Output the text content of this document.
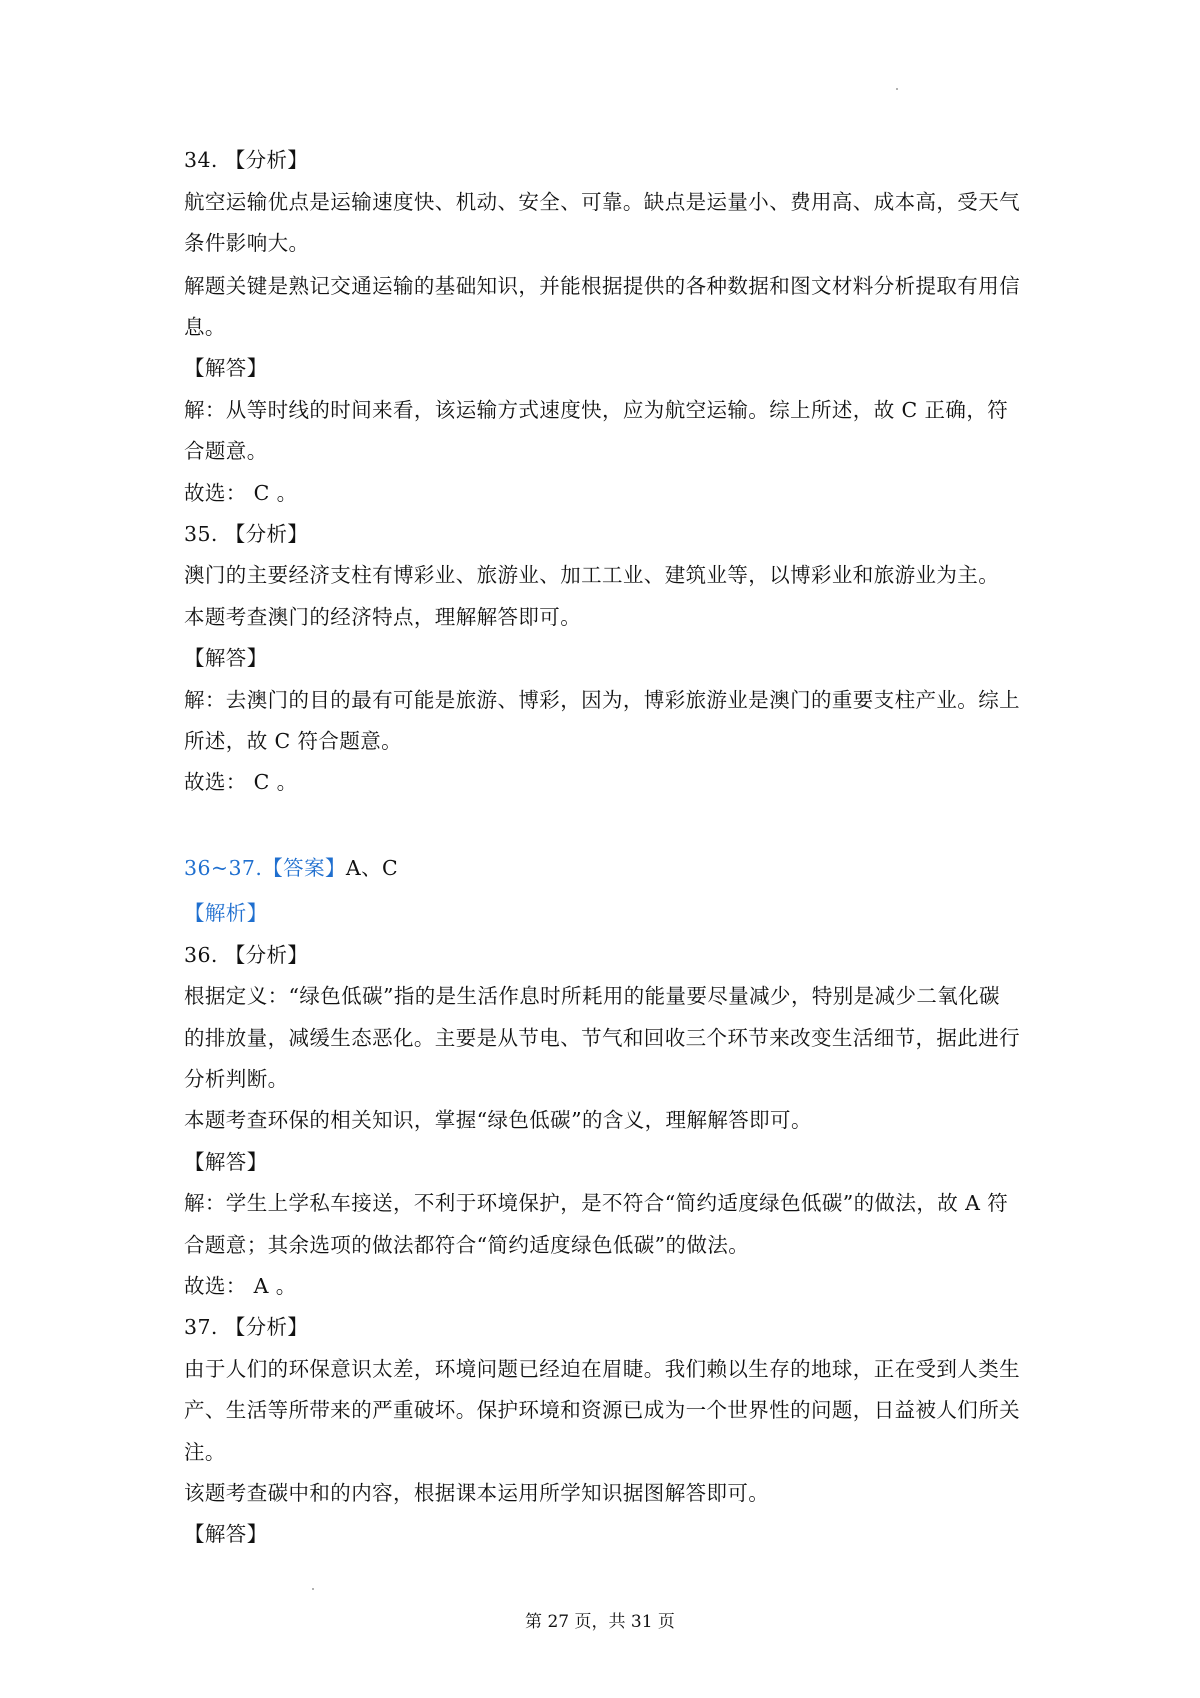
34. 【分析】
航空运输优点是运输速度快、机动、安全、可靠。缺点是运量小、费用高、成本高，受天气
条件影响大。
解题关键是熟记交通运输的基础知识，并能根据提供的各种数据和图文材料分析提取有用信
息。
【解答】
解：从等时线的时间来看，该运输方式速度快，应为航空运输。综上所述，故 C 正确，符
合题意。
故选： C 。
35. 【分析】
澳门的主要经济支柱有博彩业、旅游业、加工工业、建筑业等，以博彩业和旅游业为主。
本题考查澳门的经济特点，理解解答即可。
【解答】
解：去澳门的目的最有可能是旅游、博彩，因为，博彩旅游业是澳门的重要支柱产业。综上
所述，故 C 符合题意。
故选： C 。
36~37.【答案】A、C
【解析】
36. 【分析】
根据定义：“绿色低碳”指的是生活作息时所耗用的能量要尽量减少，特别是减少二氧化碳
的排放量，减缓生态恶化。主要是从节电、节气和回收三个环节来改变生活细节，据此进行
分析判断。
本题考查环保的相关知识，掌握“绿色低碳”的含义，理解解答即可。
【解答】
解：学生上学私车接送，不利于环境保护，是不符合“简约适度绿色低碳”的做法，故 A 符
合题意；其余选项的做法都符合“简约适度绿色低碳”的做法。
故选： A 。
37. 【分析】
由于人们的环保意识太差，环境问题已经迫在眉睫。我们赖以生存的地球，正在受到人类生
产、生活等所带来的严重破坏。保护环境和资源已成为一个世界性的问题，日益被人们所关
注。
该题考查碳中和的内容，根据课本运用所学知识据图解答即可。
【解答】
第 27 页，共 31 页
